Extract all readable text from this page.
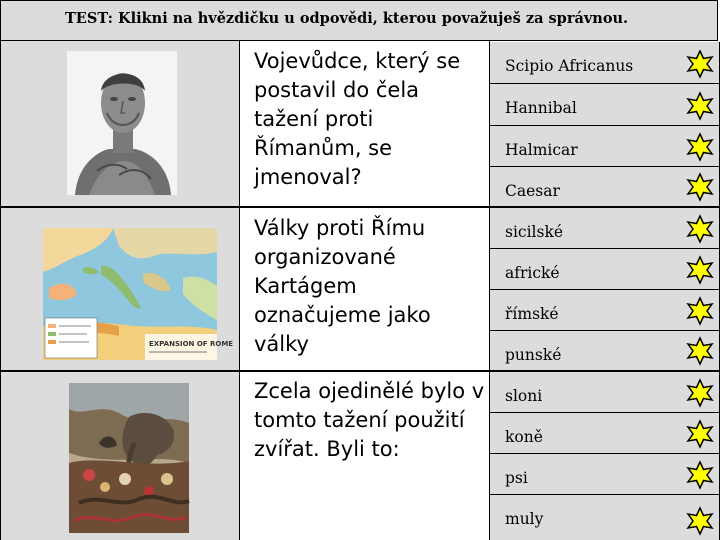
TEST: Klikni na hvězdičku u odpovědi, kterou považuješ za správnou.
Vojevůdce, který se postavil do čela tažení proti Římanům, se jmenoval?
EXPANSION OF ROME
Války proti Římu organizované Kartágem označujeme jako války
Zcela ojedinělé bylo v tomto tažení použití zvířat. Byli to:
Scipio Africanus
Hannibal
Halmicar
Caesar
sicilské
africké
římské
punské
sloni
koně
psi
muly
